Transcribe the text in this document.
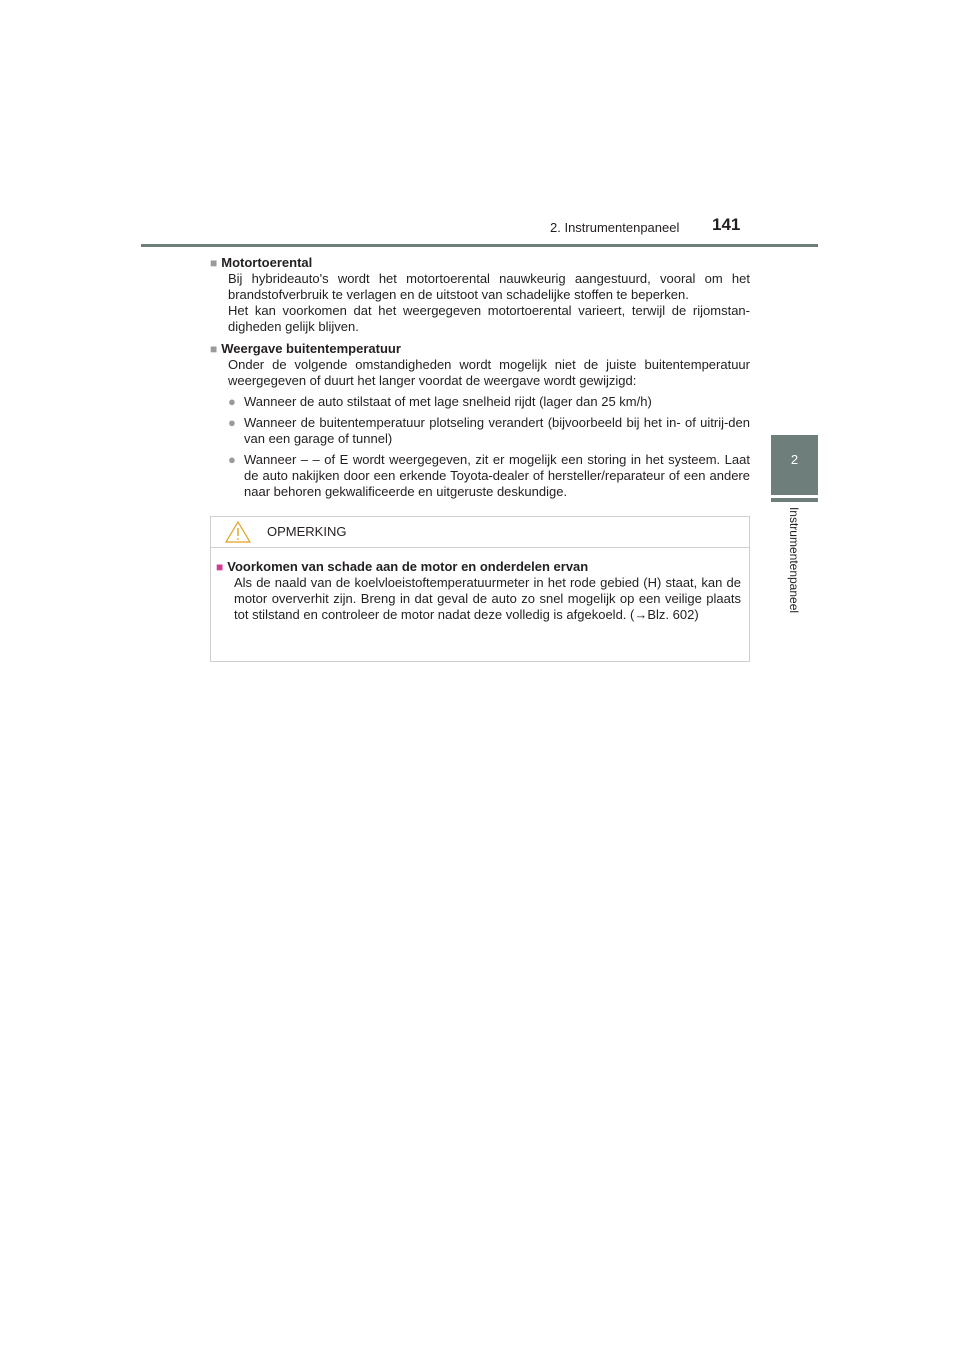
2. Instrumentenpaneel 141
2
Instrumentenpaneel
■ Motortoerental

Bij hybrideauto's wordt het motortoerental nauwkeurig aangestuurd, vooral om het brandstofverbruik te verlagen en de uitstoot van schadelijke stoffen te beperken.

Het kan voorkomen dat het weergegeven motortoerental varieert, terwijl de rijomstan-digheden gelijk blijven.

■ Weergave buitentemperatuur

Onder de volgende omstandigheden wordt mogelijk niet de juiste buitentemperatuur weergegeven of duurt het langer voordat de weergave wordt gewijzigd:

● Wanneer de auto stilstaat of met lage snelheid rijdt (lager dan 25 km/h)
● Wanneer de buitentemperatuur plotseling verandert (bijvoorbeeld bij het in- of uitrij-den van een garage of tunnel)
● Wanneer – – of E wordt weergegeven, zit er mogelijk een storing in het systeem. Laat de auto nakijken door een erkende Toyota-dealer of hersteller/reparateur of een andere naar behoren gekwalificeerde en uitgeruste deskundige.
OPMERKING
■ Voorkomen van schade aan de motor en onderdelen ervan

Als de naald van de koelvloeistoftemperatuurmeter in het rode gebied (H) staat, kan de motor oververhit zijn. Breng in dat geval de auto zo snel mogelijk op een veilige plaats tot stilstand en controleer de motor nadat deze volledig is afgekoeld. (→Blz. 602)
